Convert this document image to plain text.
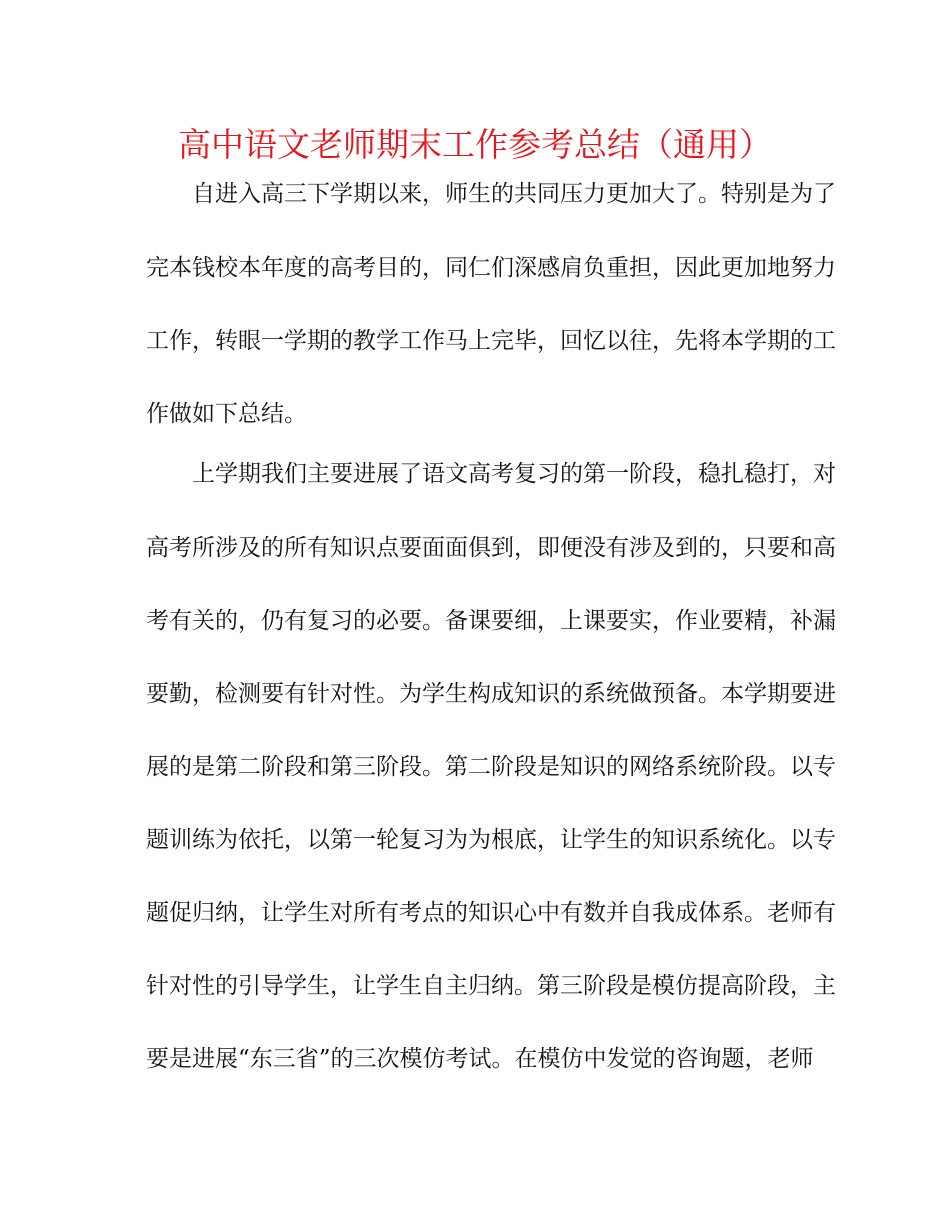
高中语文老师期末工作参考总结（通用）
自进入高三下学期以来，师生的共同压力更加大了。特别是为了
完本钱校本年度的高考目的，同仁们深感肩负重担，因此更加地努力
工作，转眼一学期的教学工作马上完毕，回忆以往，先将本学期的工
作做如下总结。
上学期我们主要进展了语文高考复习的第一阶段，稳扎稳打，对
高考所涉及的所有知识点要面面俱到，即便没有涉及到的，只要和高
考有关的，仍有复习的必要。备课要细，上课要实，作业要精，补漏
要勤，检测要有针对性。为学生构成知识的系统做预备。本学期要进
展的是第二阶段和第三阶段。第二阶段是知识的网络系统阶段。以专
题训练为依托，以第一轮复习为为根底，让学生的知识系统化。以专
题促归纳，让学生对所有考点的知识心中有数并自我成体系。老师有
针对性的引导学生，让学生自主归纳。第三阶段是模仿提高阶段，主
要是进展“东三省”的三次模仿考试。在模仿中发觉的咨询题，老师
